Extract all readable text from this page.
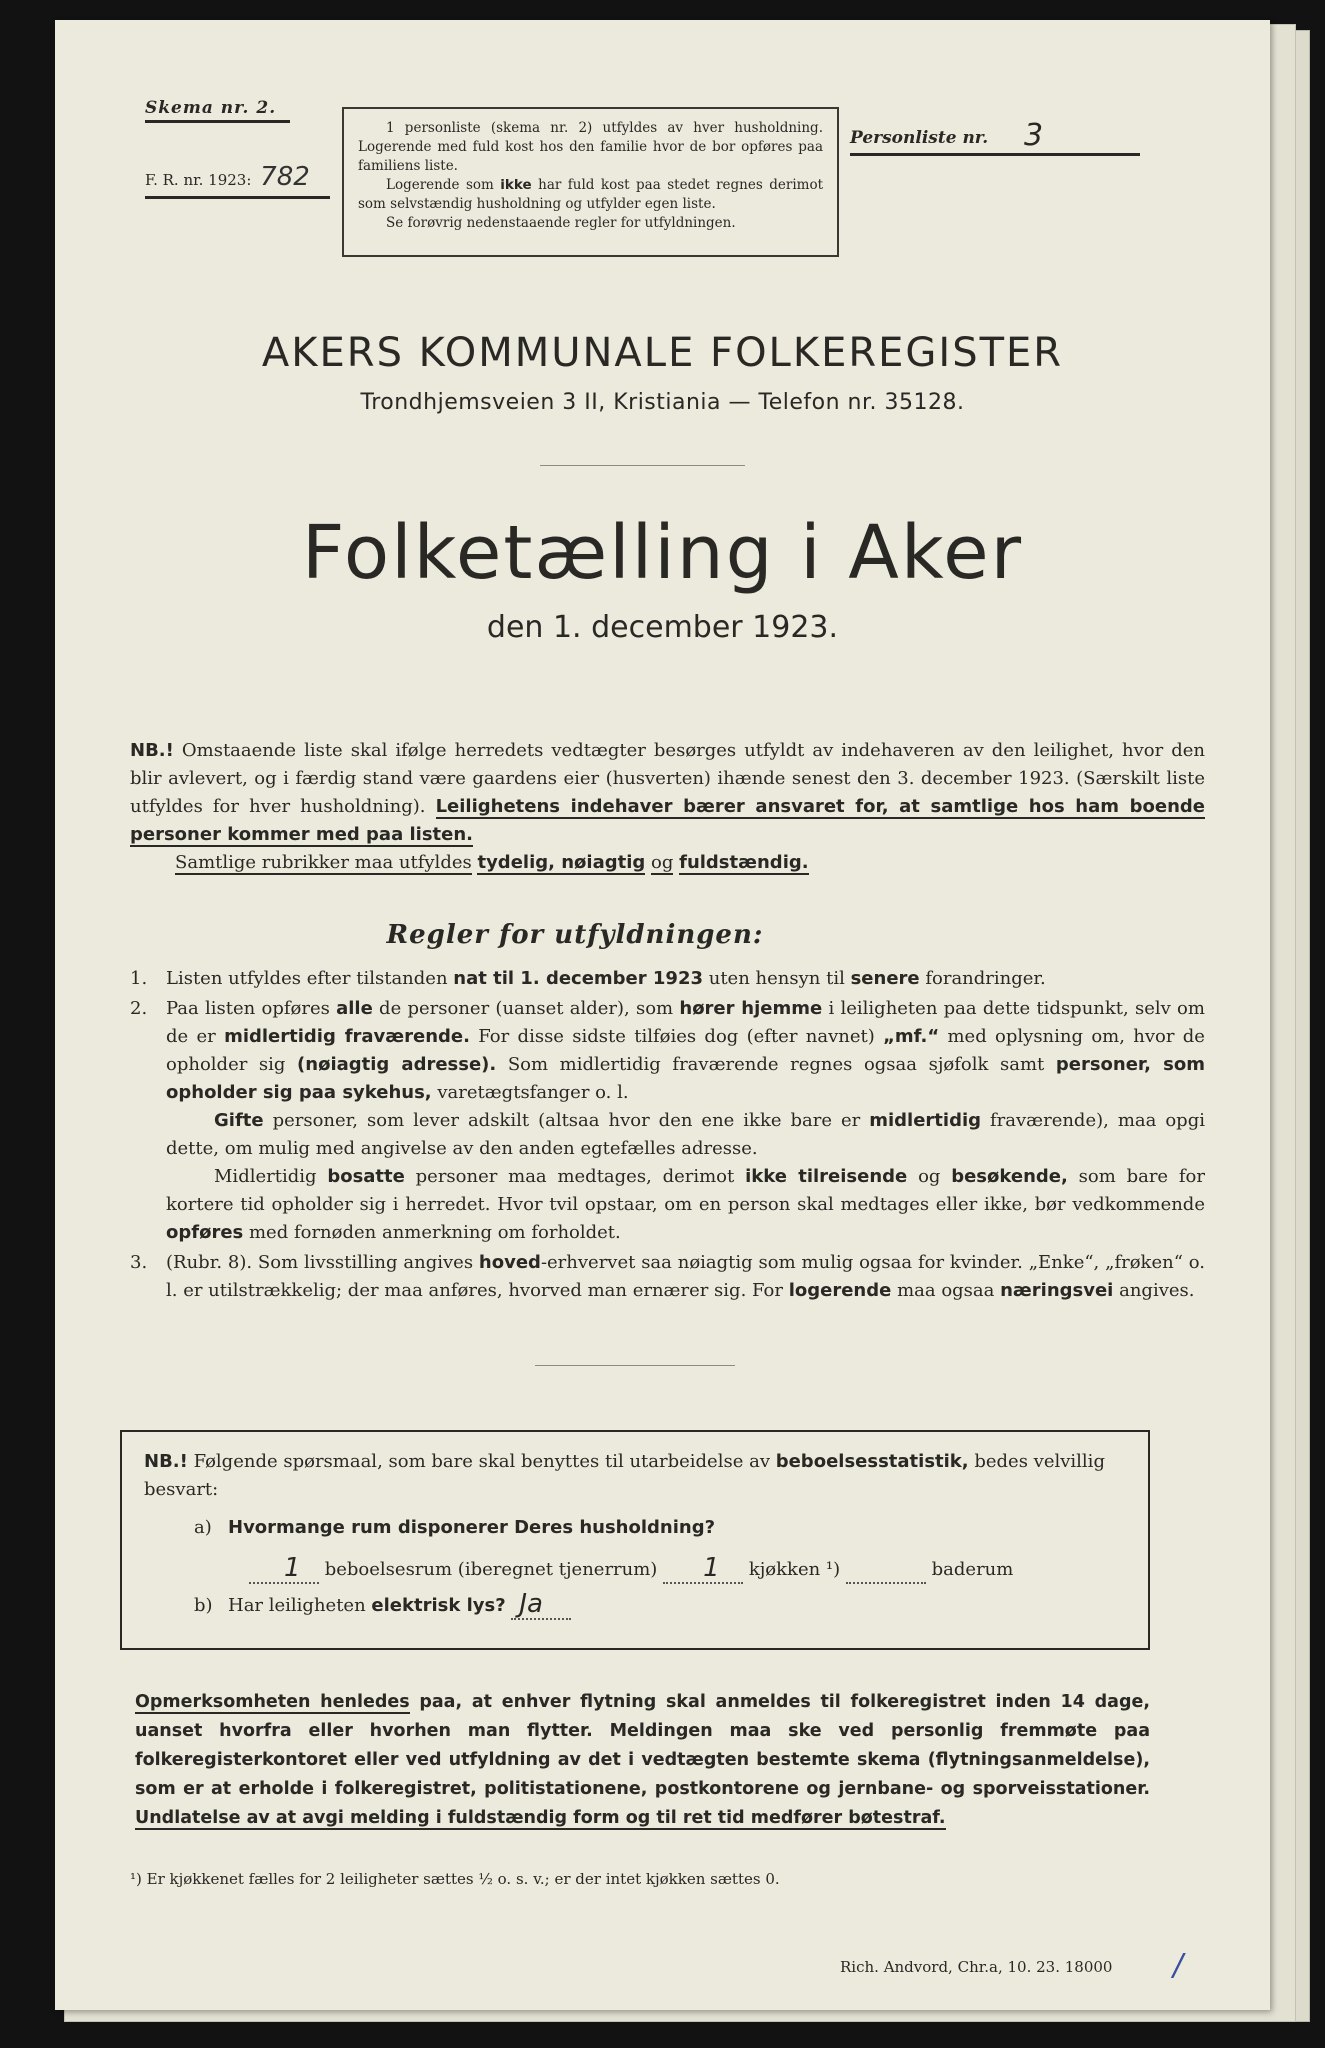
Skema nr. 2.
F. R. nr. 1923: 782

1 personliste (skema nr. 2) utfyldes av hver husholdning. Logerende med fuld kost hos den familie hvor de bor opføres paa familiens liste.

Logerende som ikke har fuld kost paa stedet regnes derimot som selvstændig husholdning og utfylder egen liste.

Se forøvrig nedenstaaende regler for utfyldningen.

Personliste nr. 3
AKERS KOMMUNALE FOLKEREGISTER
Trondhjemsveien 3 II, Kristiania — Telefon nr. 35128.
Folketælling i Aker
den 1. december 1923.
NB.! Omstaaende liste skal ifølge herredets vedtægter besørges utfyldt av indehaveren av den leilighet, hvor den blir avlevert, og i færdig stand være gaardens eier (husverten) ihænde senest den 3. december 1923. (Særskilt liste utfyldes for hver husholdning). Leilighetens indehaver bærer ansvaret for, at samtlige hos ham boende personer kommer med paa listen.
Samtlige rubrikker maa utfyldes tydelig, nøiagtig og fuldstændig.
Regler for utfyldningen:
1. Listen utfyldes efter tilstanden nat til 1. december 1923 uten hensyn til senere forandringer.
2. Paa listen opføres alle de personer (uanset alder), som hører hjemme i leiligheten paa dette tidspunkt, selv om de er midlertidig fraværende. For disse sidste tilføies dog (efter navnet) „mf.“ med oplysning om, hvor de opholder sig (nøiagtig adresse). Som midlertidig fraværende regnes ogsaa sjøfolk samt personer, som opholder sig paa sykehus, varetægtsfanger o. l.
Gifte personer, som lever adskilt (altsaa hvor den ene ikke bare er midlertidig fraværende), maa opgi dette, om mulig med angivelse av den anden egtefælles adresse.
Midlertidig bosatte personer maa medtages, derimot ikke tilreisende og besøkende, som bare for kortere tid opholder sig i herredet. Hvor tvil opstaar, om en person skal medtages eller ikke, bør vedkommende opføres med fornøden anmerkning om forholdet.
3. (Rubr. 8). Som livsstilling angives hoved-erhvervet saa nøiagtig som mulig ogsaa for kvinder. „Enke“, „frøken“ o. l. er utilstrækkelig; der maa anføres, hvorved man ernærer sig. For logerende maa ogsaa næringsvei angives.
NB.! Følgende spørsmaal, som bare skal benyttes til utarbeidelse av beboelsesstatistik, bedes velvillig besvart:
a) Hvormange rum disponerer Deres husholdning?
1 beboelsesrum (iberegnet tjenerrum) 1 kjøkken ¹)	baderum
b) Har leiligheten elektrisk lys? Ja
Opmerksomheten henledes paa, at enhver flytning skal anmeldes til folkeregistret inden 14 dage, uanset hvorfra eller hvorhen man flytter. Meldingen maa ske ved personlig fremmøte paa folkeregisterkontoret eller ved utfyldning av det i vedtægten bestemte skema (flytningsanmeldelse), som er at erholde i folkeregistret, politistationene, postkontorene og jernbane- og sporveisstationer. Undlatelse av at avgi melding i fuldstændig form og til ret tid medfører bøtestraf.
¹) Er kjøkkenet fælles for 2 leiligheter sættes ½ o. s. v.; er der intet kjøkken sættes 0.
Rich. Andvord, Chr.a, 10. 23. 18000 /
